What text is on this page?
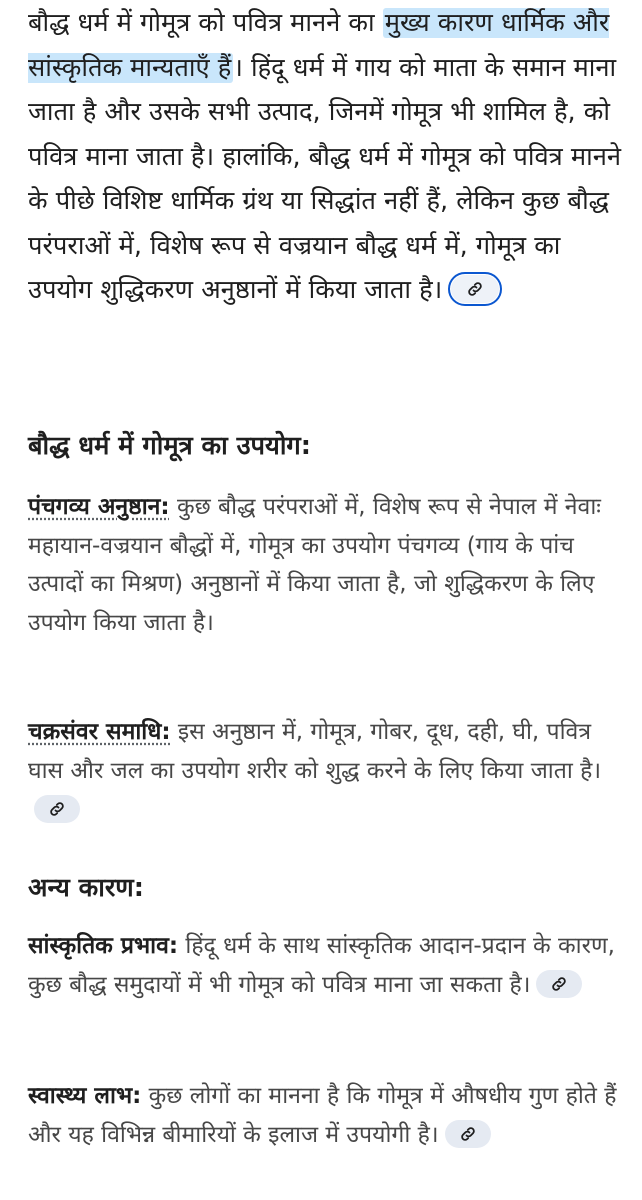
बौद्ध धर्म में गोमूत्र को पवित्र मानने का मुख्य कारण धार्मिक और सांस्कृतिक मान्यताएँ हैं। हिंदू धर्म में गाय को माता के समान माना जाता है और उसके सभी उत्पाद, जिनमें गोमूत्र भी शामिल है, को पवित्र माना जाता है। हालांकि, बौद्ध धर्म में गोमूत्र को पवित्र मानने के पीछे विशिष्ट धार्मिक ग्रंथ या सिद्धांत नहीं हैं, लेकिन कुछ बौद्ध परंपराओं में, विशेष रूप से वज्रयान बौद्ध धर्म में, गोमूत्र का उपयोग शुद्धिकरण अनुष्ठानों में किया जाता है।

बौद्ध धर्म में गोमूत्र का उपयोग:

पंचगव्य अनुष्ठान: कुछ बौद्ध परंपराओं में, विशेष रूप से नेपाल में नेवाः महायान-वज्रयान बौद्धों में, गोमूत्र का उपयोग पंचगव्य (गाय के पांच उत्पादों का मिश्रण) अनुष्ठानों में किया जाता है, जो शुद्धिकरण के लिए उपयोग किया जाता है।

चक्रसंवर समाधि: इस अनुष्ठान में, गोमूत्र, गोबर, दूध, दही, घी, पवित्र घास और जल का उपयोग शरीर को शुद्ध करने के लिए किया जाता है।

अन्य कारण:

सांस्कृतिक प्रभाव: हिंदू धर्म के साथ सांस्कृतिक आदान-प्रदान के कारण, कुछ बौद्ध समुदायों में भी गोमूत्र को पवित्र माना जा सकता है।

स्वास्थ्य लाभ: कुछ लोगों का मानना है कि गोमूत्र में औषधीय गुण होते हैं और यह विभिन्न बीमारियों के इलाज में उपयोगी है।
